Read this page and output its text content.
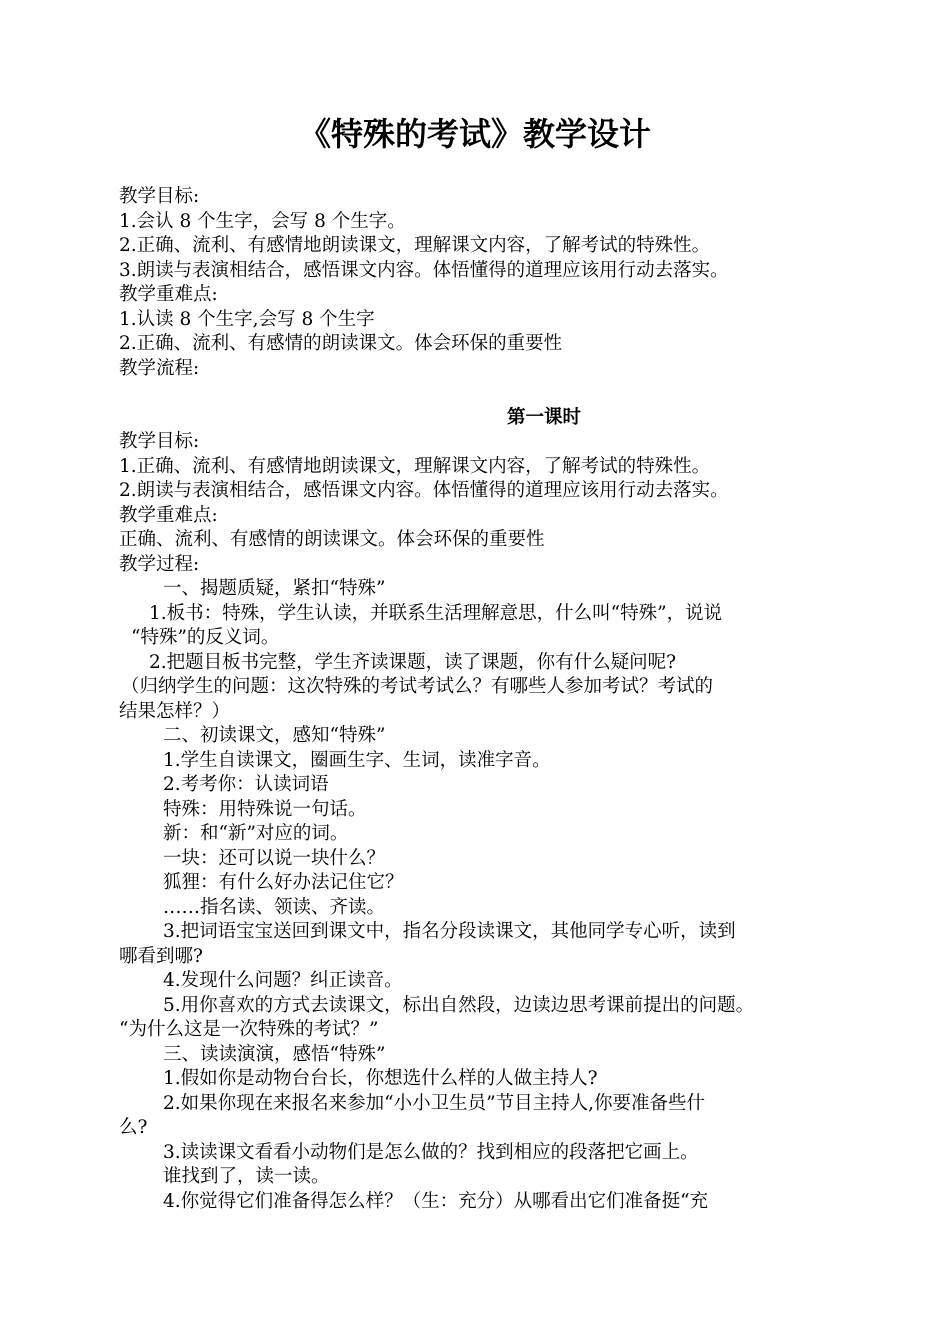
《特殊的考试》教学设计
教学目标:
1.会认 8 个生字，会写 8 个生字。
2.正确、流利、有感情地朗读课文，理解课文内容，了解考试的特殊性。
3.朗读与表演相结合，感悟课文内容。体悟懂得的道理应该用行动去落实。
教学重难点:
1.认读 8 个生字,会写 8 个生字
2.正确、流利、有感情的朗读课文。体会环保的重要性
教学流程:
第一课时
教学目标:
1.正确、流利、有感情地朗读课文，理解课文内容，了解考试的特殊性。
2.朗读与表演相结合，感悟课文内容。体悟懂得的道理应该用行动去落实。
教学重难点:
正确、流利、有感情的朗读课文。体会环保的重要性
教学过程:
一、揭题质疑，紧扣“特殊”
1.板书：特殊，学生认读，并联系生活理解意思，什么叫“特殊”，说说
“特殊”的反义词。
2.把题目板书完整，学生齐读课题，读了课题，你有什么疑问呢?
（归纳学生的问题：这次特殊的考试考试么？有哪些人参加考试？考试的
结果怎样？）
二、初读课文，感知“特殊”
1.学生自读课文，圈画生字、生词，读准字音。
2.考考你：认读词语
特殊：用特殊说一句话。
新：和“新”对应的词。
一块：还可以说一块什么？
狐狸：有什么好办法记住它？
……指名读、领读、齐读。
3.把词语宝宝送回到课文中，指名分段读课文，其他同学专心听，读到
哪看到哪?
4.发现什么问题？纠正读音。
5.用你喜欢的方式去读课文，标出自然段，边读边思考课前提出的问题。
“为什么这是一次特殊的考试？”
三、读读演演，感悟“特殊”
1.假如你是动物台台长，你想选什么样的人做主持人?
2.如果你现在来报名来参加“小小卫生员”节目主持人,你要准备些什
么?
3.读读课文看看小动物们是怎么做的？找到相应的段落把它画上。
谁找到了，读一读。
4.你觉得它们准备得怎么样？（生：充分）从哪看出它们准备挺“充
